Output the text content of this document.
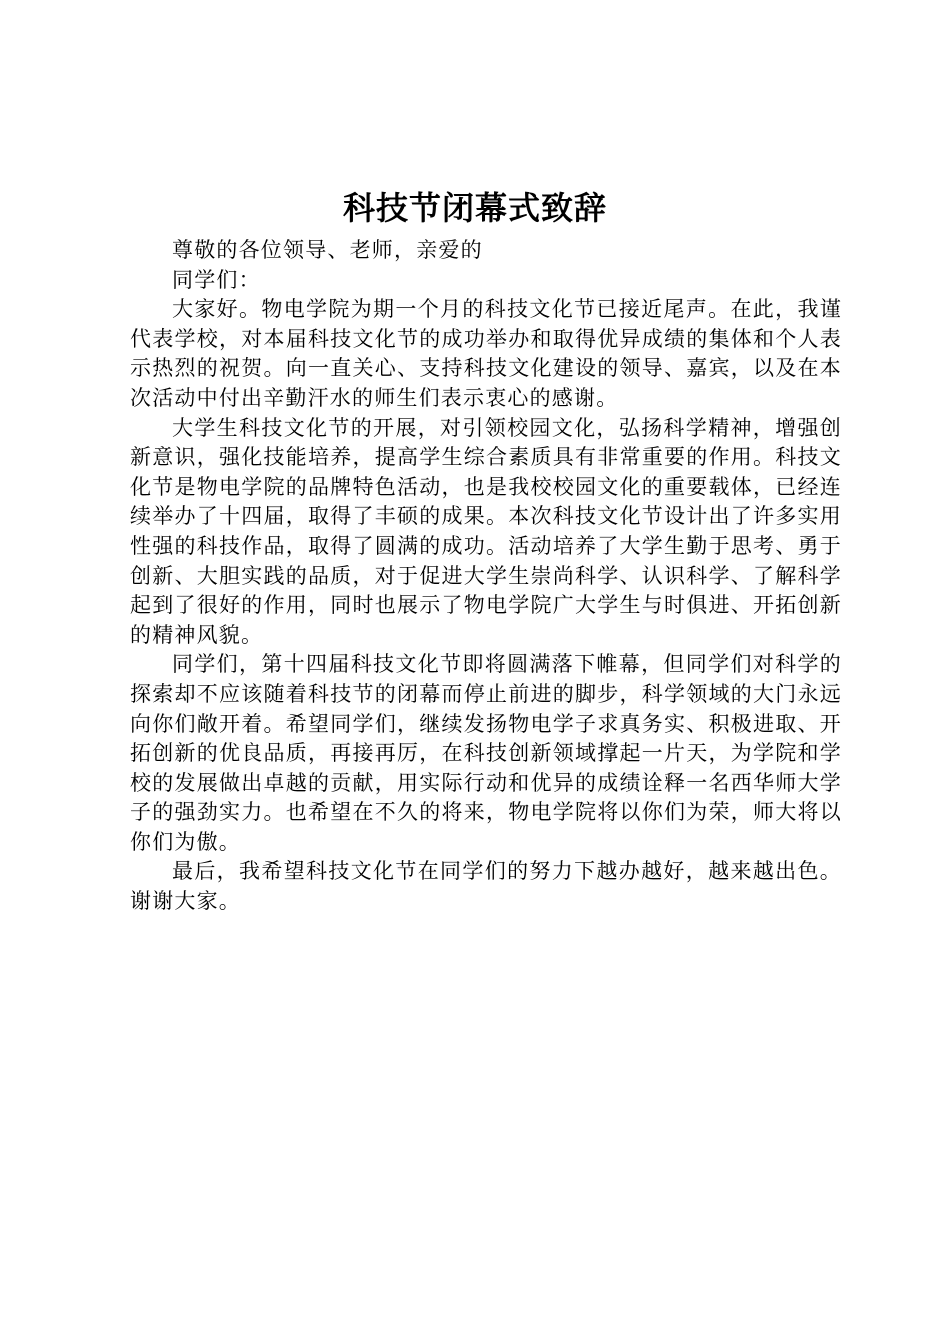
科技节闭幕式致辞

尊敬的各位领导、老师，亲爱的

同学们：

大家好。物电学院为期一个月的科技文化节已接近尾声。在此，我谨代表学校，对本届科技文化节的成功举办和取得优异成绩的集体和个人表示热烈的祝贺。向一直关心、支持科技文化建设的领导、嘉宾，以及在本次活动中付出辛勤汗水的师生们表示衷心的感谢。

大学生科技文化节的开展，对引领校园文化，弘扬科学精神，增强创新意识，强化技能培养，提高学生综合素质具有非常重要的作用。科技文化节是物电学院的品牌特色活动，也是我校校园文化的重要载体，已经连续举办了十四届，取得了丰硕的成果。本次科技文化节设计出了许多实用性强的科技作品，取得了圆满的成功。活动培养了大学生勤于思考、勇于创新、大胆实践的品质，对于促进大学生崇尚科学、认识科学、了解科学起到了很好的作用，同时也展示了物电学院广大学生与时俱进、开拓创新的精神风貌。

同学们，第十四届科技文化节即将圆满落下帷幕，但同学们对科学的探索却不应该随着科技节的闭幕而停止前进的脚步，科学领域的大门永远向你们敞开着。希望同学们，继续发扬物电学子求真务实、积极进取、开拓创新的优良品质，再接再厉，在科技创新领域撑起一片天，为学院和学校的发展做出卓越的贡献，用实际行动和优异的成绩诠释一名西华师大学子的强劲实力。也希望在不久的将来，物电学院将以你们为荣，师大将以你们为傲。

最后，我希望科技文化节在同学们的努力下越办越好，越来越出色。谢谢大家。
